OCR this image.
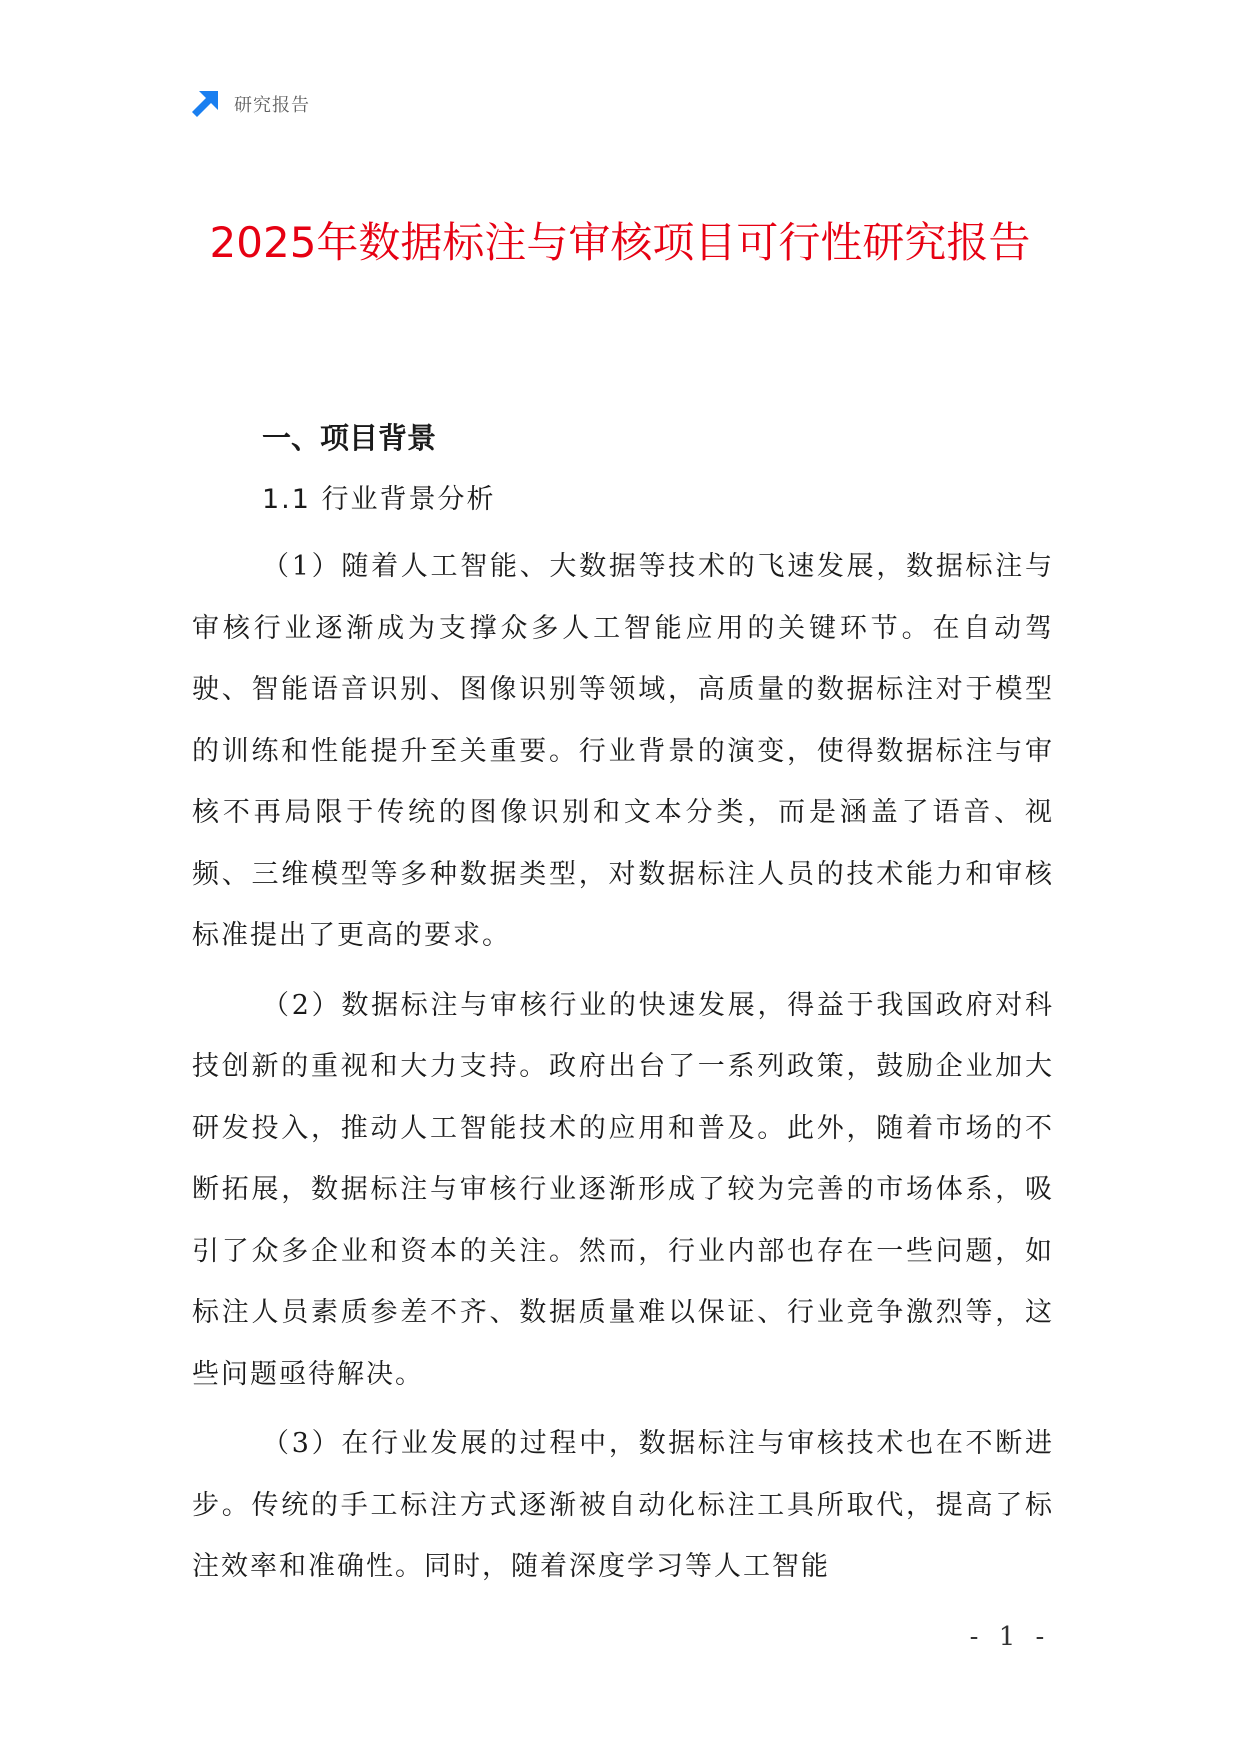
研究报告
2025年数据标注与审核项目可行性研究报告
一、项目背景
1.1 行业背景分析

（1）随着人工智能、大数据等技术的飞速发展，数据标注与审核行业逐渐成为支撑众多人工智能应用的关键环节。在自动驾驶、智能语音识别、图像识别等领域，高质量的数据标注对于模型的训练和性能提升至关重要。行业背景的演变，使得数据标注与审核不再局限于传统的图像识别和文本分类，而是涵盖了语音、视频、三维模型等多种数据类型，对数据标注人员的技术能力和审核标准提出了更高的要求。

（2）数据标注与审核行业的快速发展，得益于我国政府对科技创新的重视和大力支持。政府出台了一系列政策，鼓励企业加大研发投入，推动人工智能技术的应用和普及。此外，随着市场的不断拓展，数据标注与审核行业逐渐形成了较为完善的市场体系，吸引了众多企业和资本的关注。然而，行业内部也存在一些问题，如标注人员素质参差不齐、数据质量难以保证、行业竞争激烈等，这些问题亟待解决。

（3）在行业发展的过程中，数据标注与审核技术也在不断进步。传统的手工标注方式逐渐被自动化标注工具所取代，提高了标注效率和准确性。同时，随着深度学习等人工智能

- 1 -
